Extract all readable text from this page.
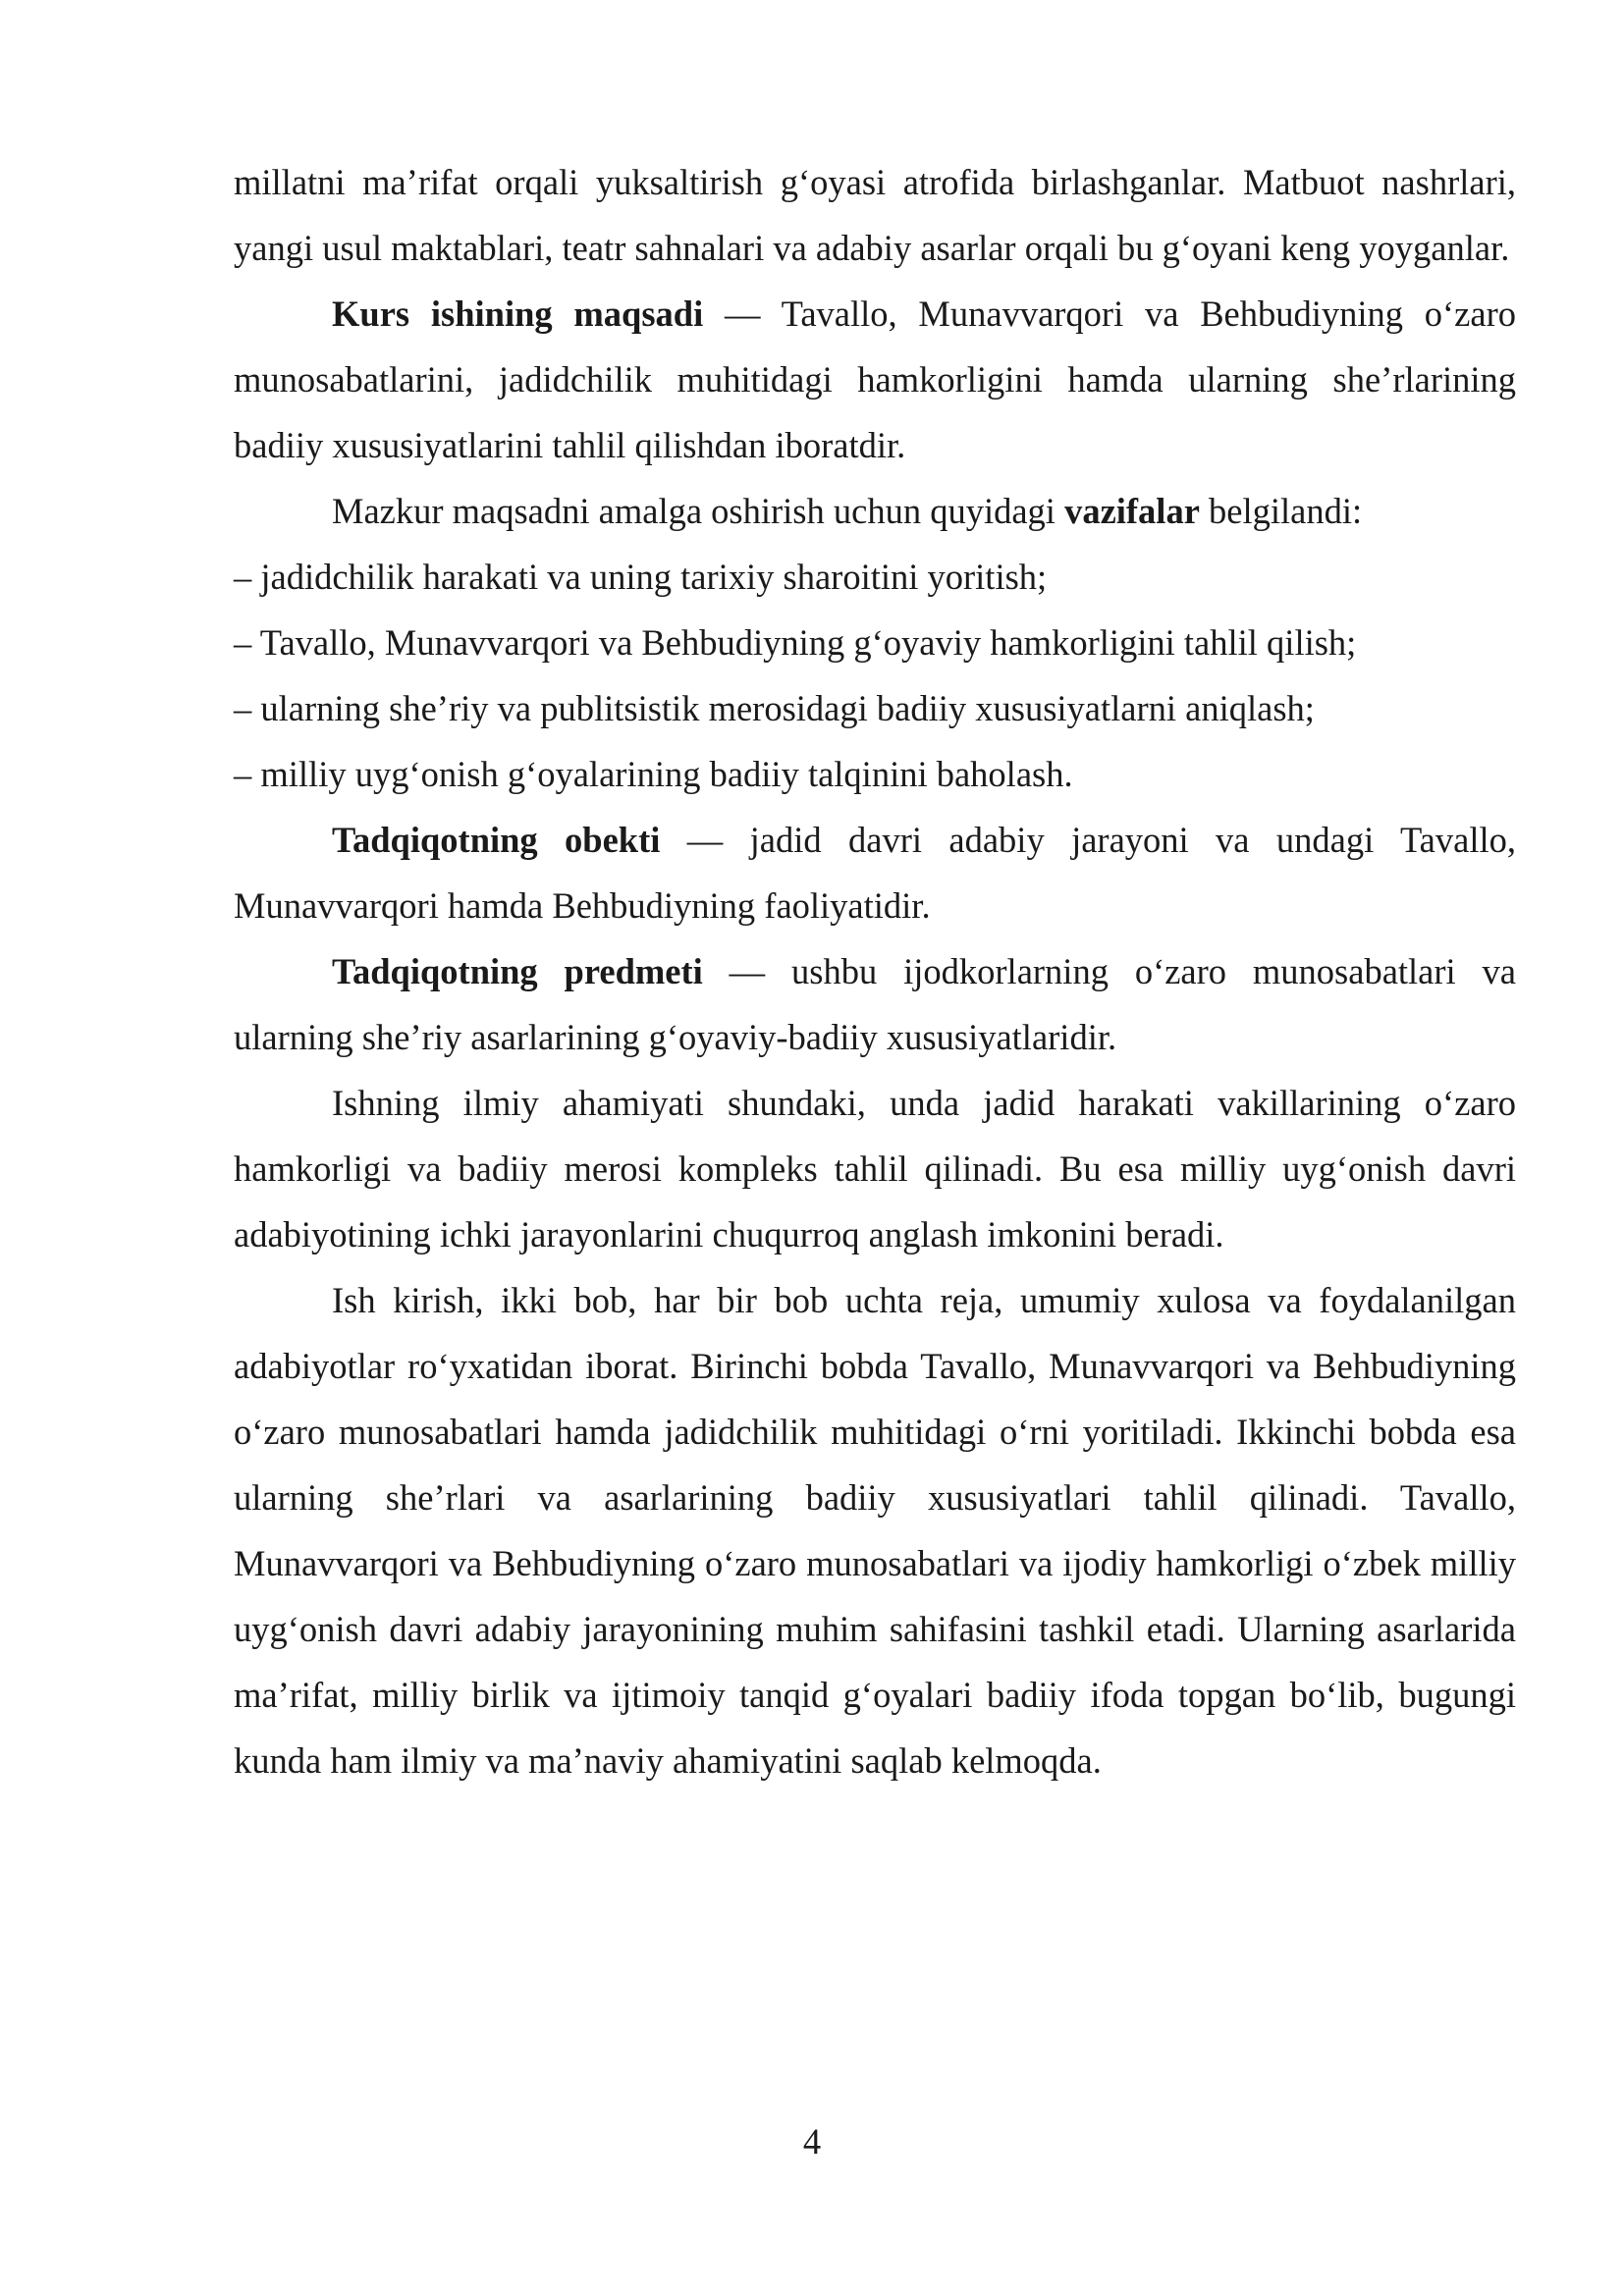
millatni ma’rifat orqali yuksaltirish g‘oyasi atrofida birlashganlar. Matbuot nashrlari, yangi usul maktablari, teatr sahnalari va adabiy asarlar orqali bu g‘oyani keng yoyganlar.

Kurs ishining maqsadi — Tavallo, Munavvarqori va Behbudiyning o‘zaro munosabatlarini, jadidchilik muhitidagi hamkorligini hamda ularning she’rlarining badiiy xususiyatlarini tahlil qilishdan iboratdir.

Mazkur maqsadni amalga oshirish uchun quyidagi vazifalar belgilandi:

– jadidchilik harakati va uning tarixiy sharoitini yoritish;

– Tavallo, Munavvarqori va Behbudiyning g‘oyaviy hamkorligini tahlil qilish;

– ularning she’riy va publitsistik merosidagi badiiy xususiyatlarni aniqlash;

– milliy uyg‘onish g‘oyalarining badiiy talqinini baholash.

Tadqiqotning obekti — jadid davri adabiy jarayoni va undagi Tavallo, Munavvarqori hamda Behbudiyning faoliyatidir.

Tadqiqotning predmeti — ushbu ijodkorlarning o‘zaro munosabatlari va ularning she’riy asarlarining g‘oyaviy-badiiy xususiyatlaridir.

Ishning ilmiy ahamiyati shundaki, unda jadid harakati vakillarining o‘zaro hamkorligi va badiiy merosi kompleks tahlil qilinadi. Bu esa milliy uyg‘onish davri adabiyotining ichki jarayonlarini chuqurroq anglash imkonini beradi.

Ish kirish, ikki bob, har bir bob uchta reja, umumiy xulosa va foydalanilgan adabiyotlar ro‘yxatidan iborat. Birinchi bobda Tavallo, Munavvarqori va Behbudiyning o‘zaro munosabatlari hamda jadidchilik muhitidagi o‘rni yoritiladi. Ikkinchi bobda esa ularning she’rlari va asarlarining badiiy xususiyatlari tahlil qilinadi. Tavallo, Munavvarqori va Behbudiyning o‘zaro munosabatlari va ijodiy hamkorligi o‘zbek milliy uyg‘onish davri adabiy jarayonining muhim sahifasini tashkil etadi. Ularning asarlarida ma’rifat, milliy birlik va ijtimoiy tanqid g‘oyalari badiiy ifoda topgan bo‘lib, bugungi kunda ham ilmiy va ma’naviy ahamiyatini saqlab kelmoqda.

4
